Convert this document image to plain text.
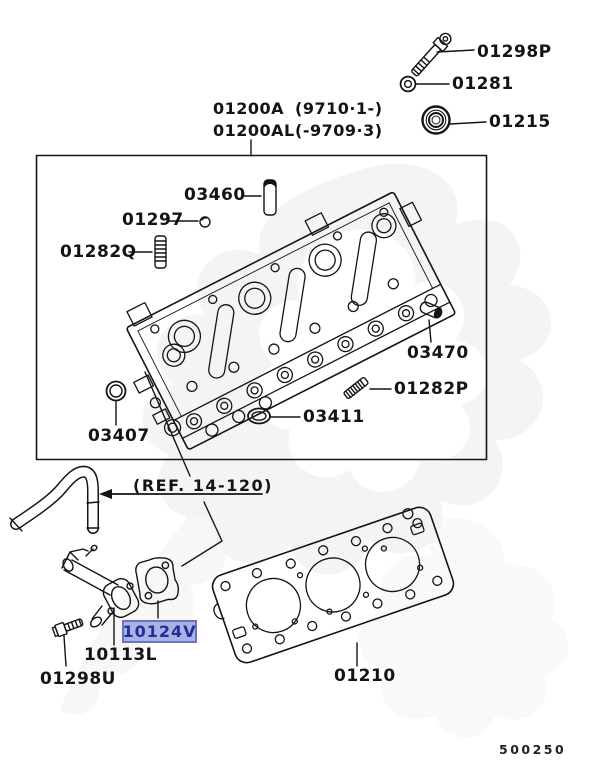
01200A (9710·1-)
01200AL(-9709·3)
01298P
01281
01215
03460
01297
01282Q
03470
01282P
03411
03407
(REF. 14-120)
10113L
01298U	01210
10124V
500250
